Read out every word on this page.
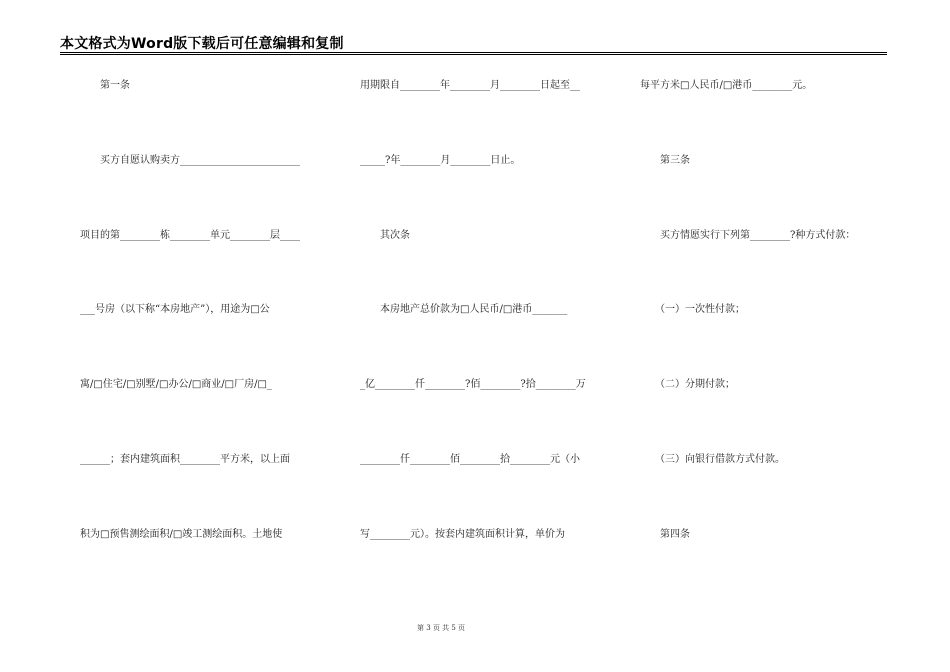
本文格式为Word版下载后可任意编辑和复制
　　第一条
　　买方自愿认购卖方________________________
项目的第________栋________单元________层____
___号房（以下称“本房地产”），用途为□公
寓/□住宅/□别墅/□办公/□商业/□厂房/□_
______；套内建筑面积________平方米，以上面
积为□预售测绘面积/□竣工测绘面积。土地使
用期限自________年________月________日起至__
_____?年________月________日止。
　　其次条
　　本房地产总价款为□人民币/□港币_______
_亿________仟________?佰________?拾________万
________仟________佰________拾________元（小
写________元）。按套内建筑面积计算，单价为
每平方米□人民币/□港币________元。
　　第三条
　　买方情愿实行下列第________?种方式付款：
　　（一）一次性付款；
　　（二）分期付款；
　　（三）向银行借款方式付款。
　　第四条
第 3 页 共 5 页
